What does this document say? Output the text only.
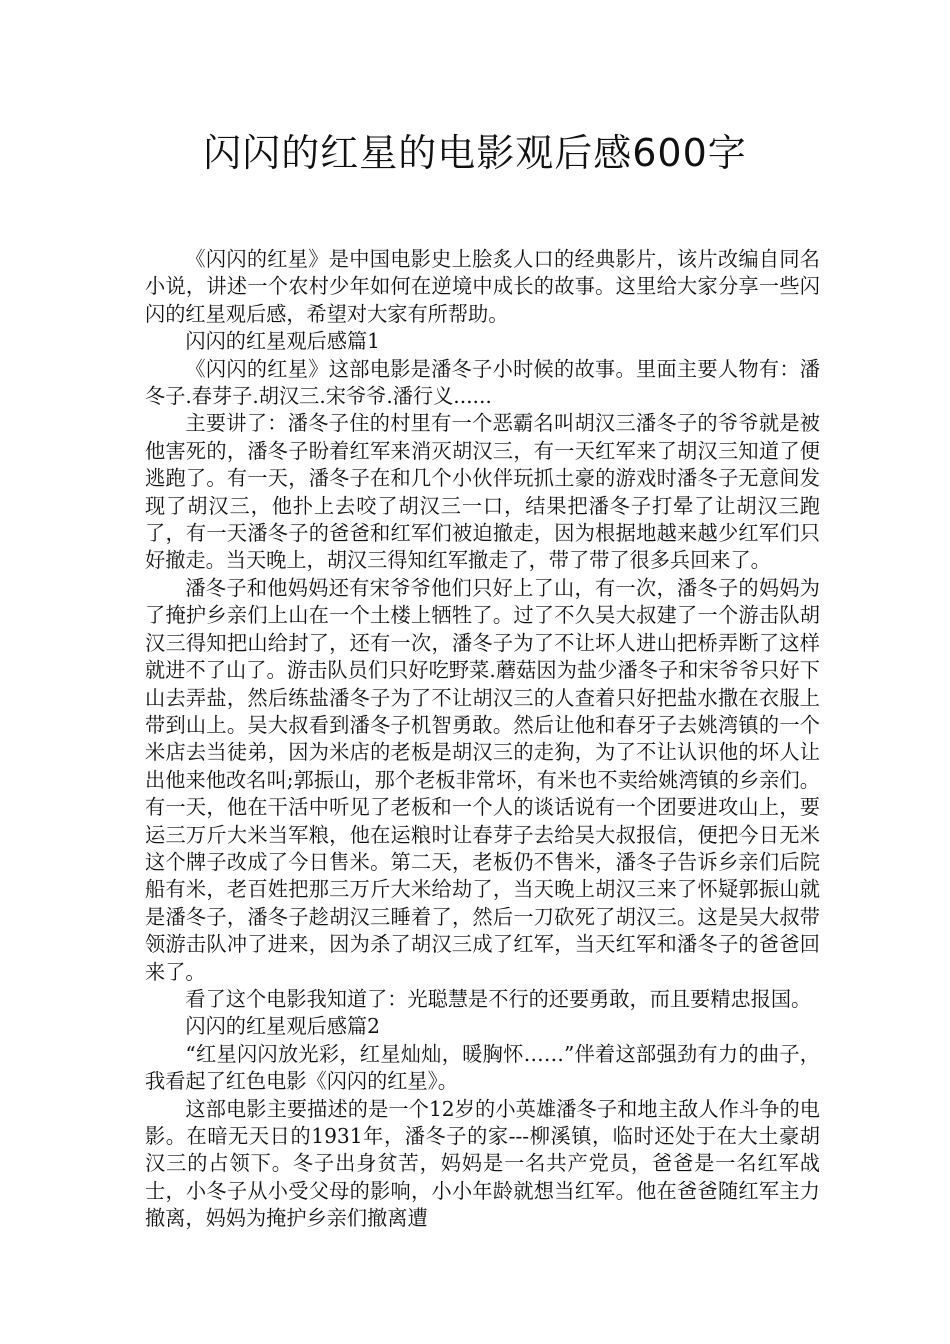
闪闪的红星的电影观后感600字

《闪闪的红星》是中国电影史上脍炙人口的经典影片，该片改编自同名小说，讲述一个农村少年如何在逆境中成长的故事。这里给大家分享一些闪闪的红星观后感，希望对大家有所帮助。

闪闪的红星观后感篇1

《闪闪的红星》这部电影是潘冬子小时候的故事。里面主要人物有：潘冬子.春芽子.胡汉三.宋爷爷.潘行义......

主要讲了：潘冬子住的村里有一个恶霸名叫胡汉三潘冬子的爷爷就是被他害死的，潘冬子盼着红军来消灭胡汉三，有一天红军来了胡汉三知道了便逃跑了。有一天，潘冬子在和几个小伙伴玩抓土豪的游戏时潘冬子无意间发现了胡汉三，他扑上去咬了胡汉三一口，结果把潘冬子打晕了让胡汉三跑了，有一天潘冬子的爸爸和红军们被迫撤走，因为根据地越来越少红军们只好撤走。当天晚上，胡汉三得知红军撤走了，带了带了很多兵回来了。

潘冬子和他妈妈还有宋爷爷他们只好上了山，有一次，潘冬子的妈妈为了掩护乡亲们上山在一个土楼上牺牲了。过了不久吴大叔建了一个游击队胡汉三得知把山给封了，还有一次，潘冬子为了不让坏人进山把桥弄断了这样就进不了山了。游击队员们只好吃野菜.蘑菇因为盐少潘冬子和宋爷爷只好下山去弄盐，然后练盐潘冬子为了不让胡汉三的人查着只好把盐水撒在衣服上带到山上。吴大叔看到潘冬子机智勇敢。然后让他和春牙子去姚湾镇的一个米店去当徒弟，因为米店的老板是胡汉三的走狗，为了不让认识他的坏人让出他来他改名叫;郭振山，那个老板非常坏，有米也不卖给姚湾镇的乡亲们。有一天，他在干活中听见了老板和一个人的谈话说有一个团要进攻山上，要运三万斤大米当军粮，他在运粮时让春芽子去给吴大叔报信，便把今日无米这个牌子改成了今日售米。第二天，老板仍不售米，潘冬子告诉乡亲们后院船有米，老百姓把那三万斤大米给劫了，当天晚上胡汉三来了怀疑郭振山就是潘冬子，潘冬子趁胡汉三睡着了，然后一刀砍死了胡汉三。这是吴大叔带领游击队冲了进来，因为杀了胡汉三成了红军，当天红军和潘冬子的爸爸回来了。

看了这个电影我知道了：光聪慧是不行的还要勇敢，而且要精忠报国。

闪闪的红星观后感篇2

“红星闪闪放光彩，红星灿灿，暖胸怀……”伴着这部强劲有力的曲子，我看起了红色电影《闪闪的红星》。

这部电影主要描述的是一个12岁的小英雄潘冬子和地主敌人作斗争的电影。在暗无天日的1931年，潘冬子的家---柳溪镇，临时还处于在大土豪胡汉三的占领下。冬子出身贫苦，妈妈是一名共产党员，爸爸是一名红军战士，小冬子从小受父母的影响，小小年龄就想当红军。他在爸爸随红军主力撤离，妈妈为掩护乡亲们撤离遭
